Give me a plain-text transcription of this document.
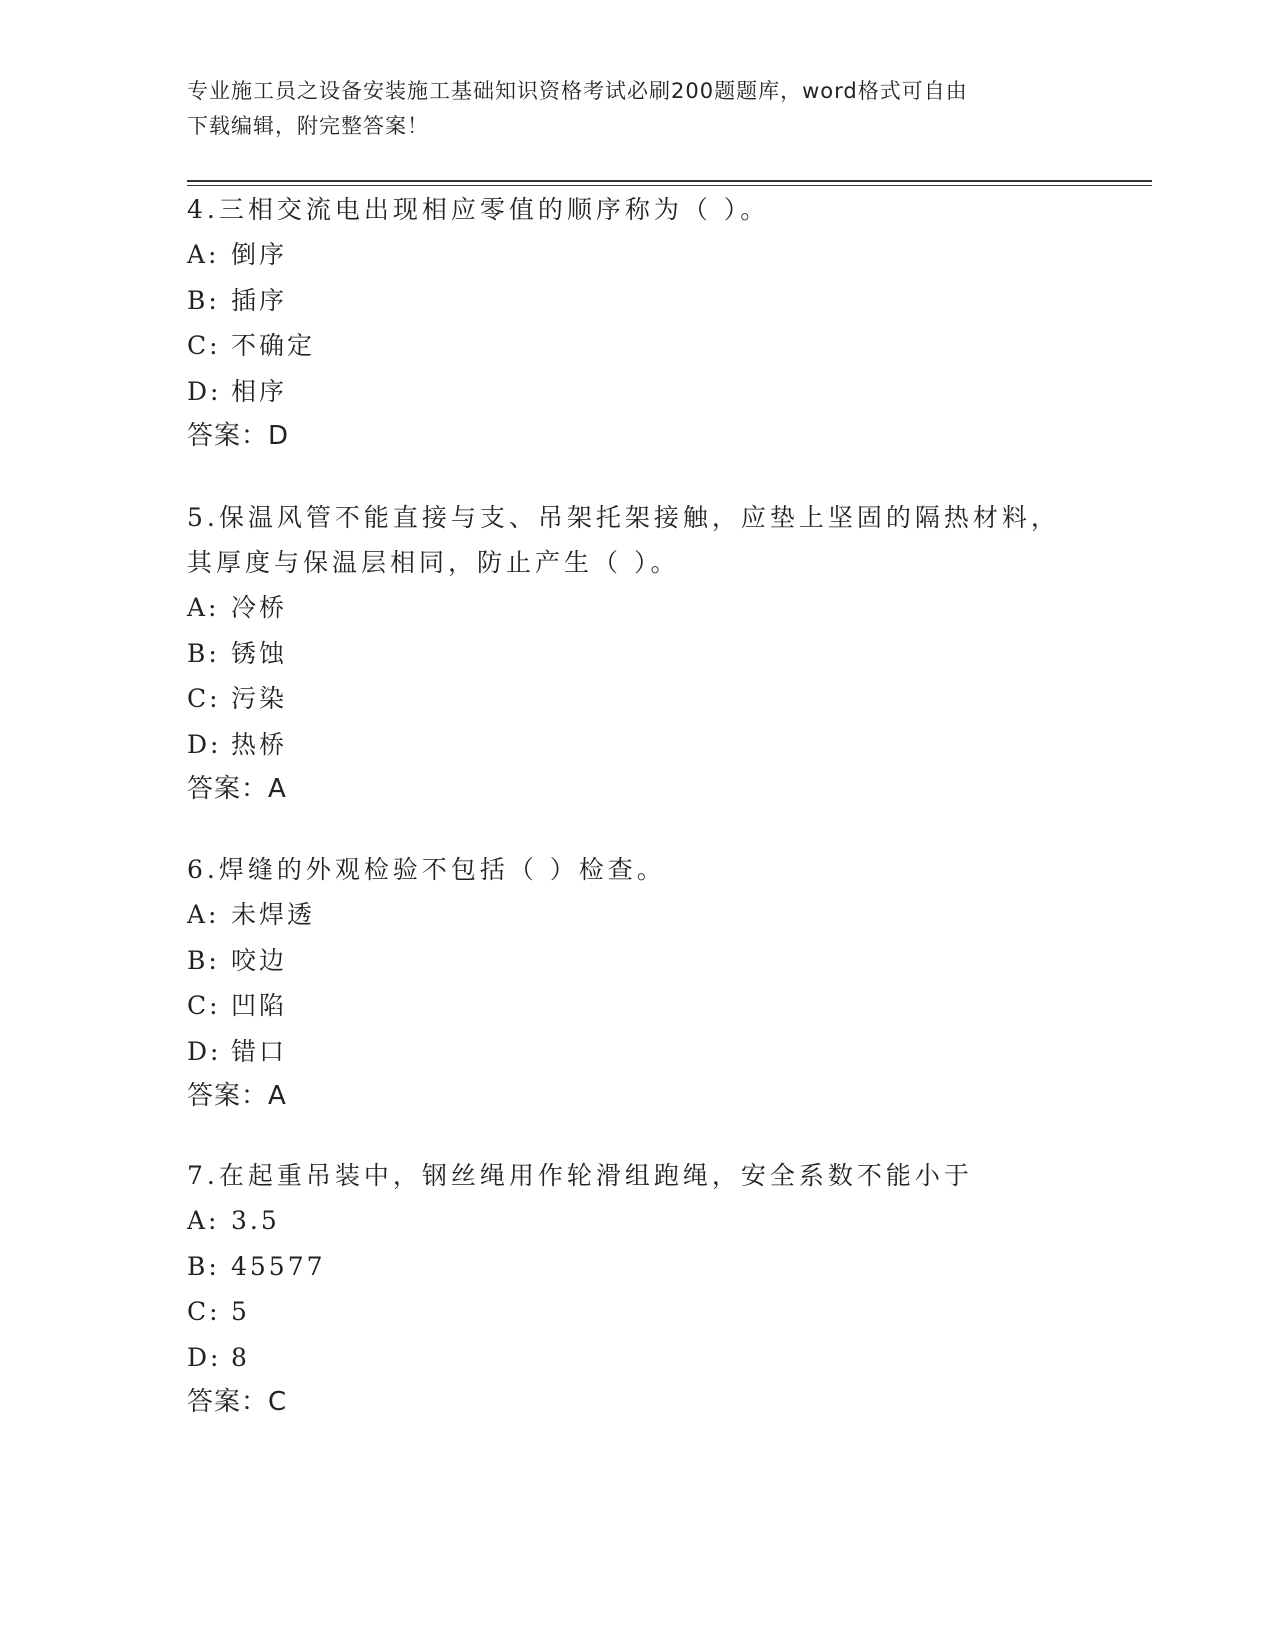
专业施工员之设备安装施工基础知识资格考试必刷200题题库，word格式可自由
下载编辑，附完整答案！

4.三相交流电出现相应零值的顺序称为（ ）。

A: 倒序

B: 插序

C: 不确定

D: 相序

答案：D

5.保温风管不能直接与支、吊架托架接触，应垫上坚固的隔热材料，

其厚度与保温层相同，防止产生（ ）。

A: 冷桥

B: 锈蚀

C: 污染

D: 热桥

答案：A

6.焊缝的外观检验不包括（ ）检查。

A: 未焊透

B: 咬边

C: 凹陷

D: 错口

答案：A

7.在起重吊装中，钢丝绳用作轮滑组跑绳，安全系数不能小于

A: 3.5

B: 45577

C: 5

D: 8

答案：C
